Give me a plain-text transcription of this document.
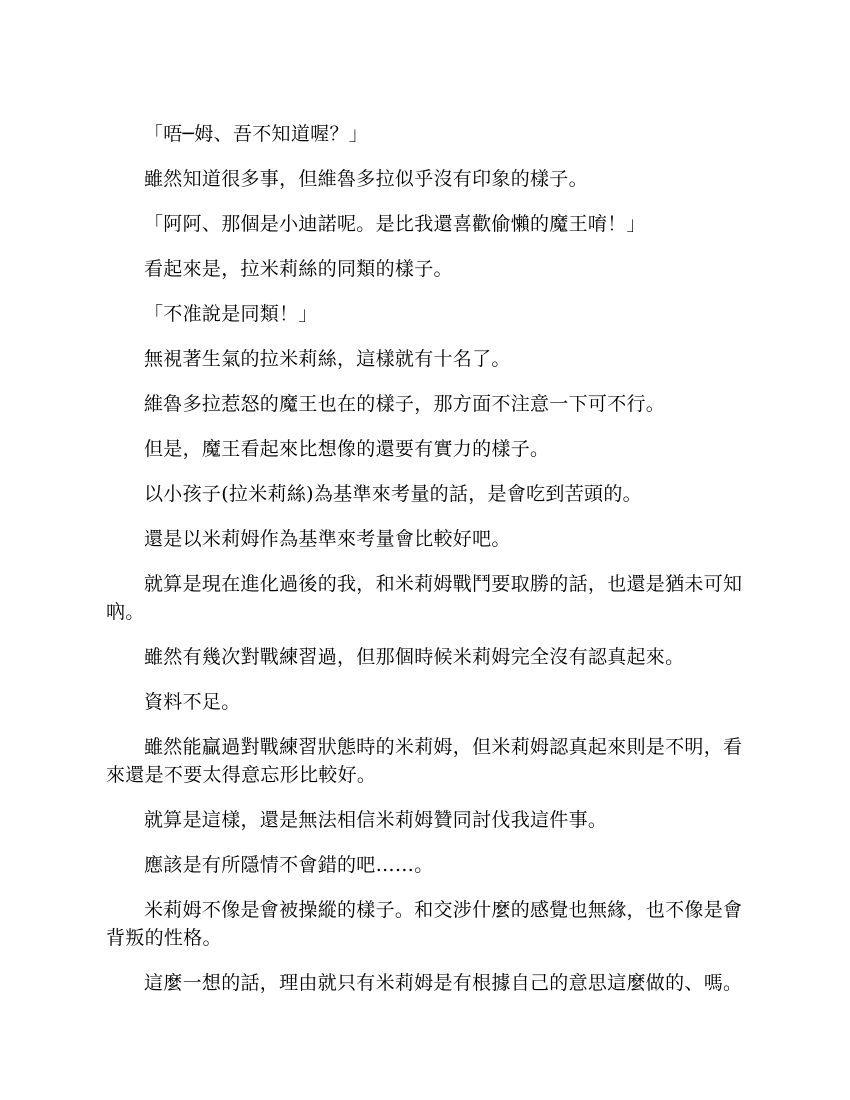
「唔─姆、吾不知道喔？」

雖然知道很多事，但維魯多拉似乎沒有印象的樣子。

「阿阿、那個是小迪諾呢。是比我還喜歡偷懶的魔王唷！」

看起來是，拉米莉絲的同類的樣子。

「不准說是同類！」

無視著生氣的拉米莉絲，這樣就有十名了。

維魯多拉惹怒的魔王也在的樣子，那方面不注意一下可不行。

但是，魔王看起來比想像的還要有實力的樣子。

以小孩子(拉米莉絲)為基準來考量的話，是會吃到苦頭的。

還是以米莉姆作為基準來考量會比較好吧。

就算是現在進化過後的我，和米莉姆戰鬥要取勝的話，也還是猶未可知吶。

雖然有幾次對戰練習過，但那個時候米莉姆完全沒有認真起來。

資料不足。

雖然能贏過對戰練習狀態時的米莉姆，但米莉姆認真起來則是不明，看來還是不要太得意忘形比較好。

就算是這樣，還是無法相信米莉姆贊同討伐我這件事。

應該是有所隱情不會錯的吧……。

米莉姆不像是會被操縱的樣子。和交涉什麼的感覺也無緣，也不像是會背叛的性格。

這麼一想的話，理由就只有米莉姆是有根據自己的意思這麼做的、嗎。
